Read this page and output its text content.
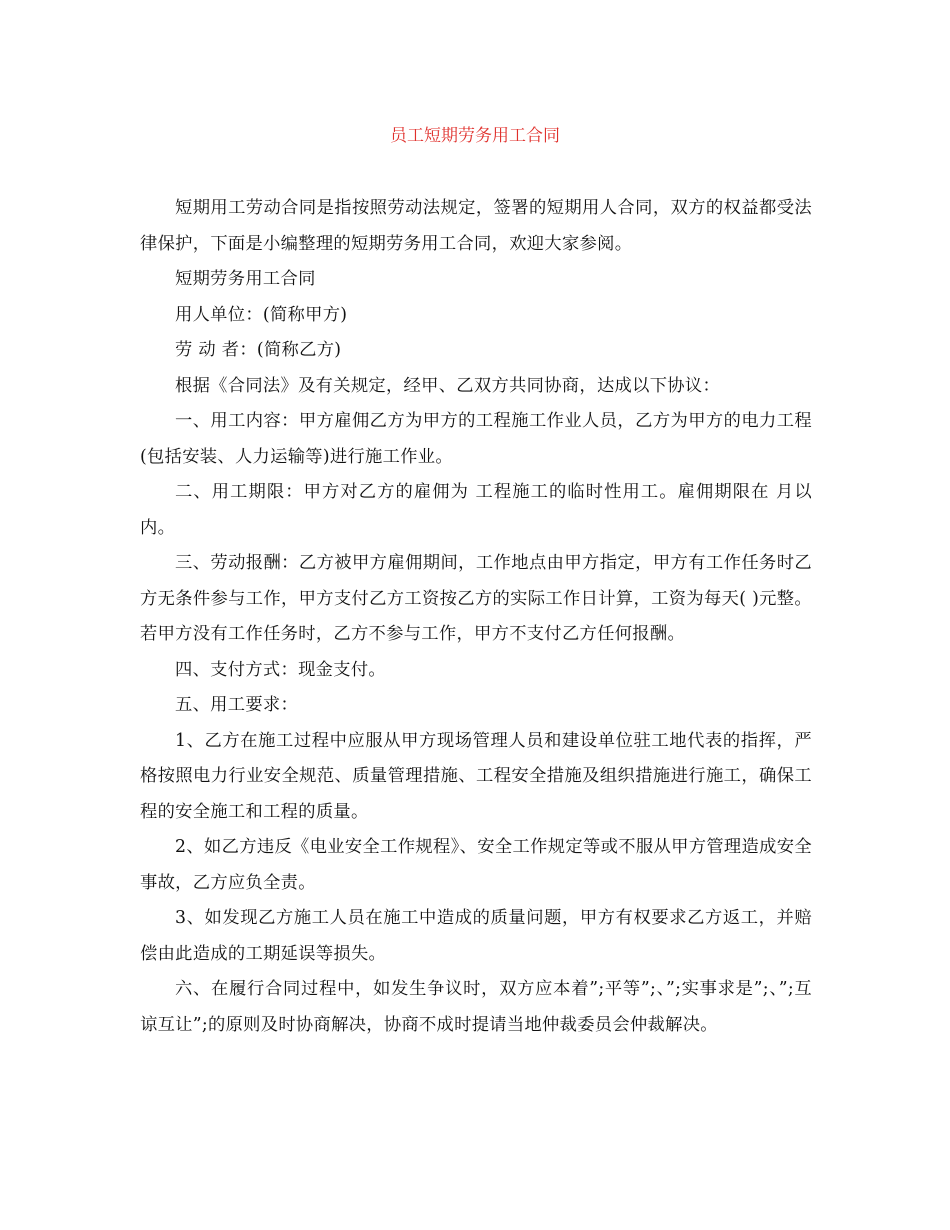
员工短期劳务用工合同

短期用工劳动合同是指按照劳动法规定，签署的短期用人合同，双方的权益都受法律保护，下面是小编整理的短期劳务用工合同，欢迎大家参阅。

短期劳务用工合同

用人单位：(简称甲方)

劳 动 者：(简称乙方)

根据《合同法》及有关规定，经甲、乙双方共同协商，达成以下协议：

一、用工内容：甲方雇佣乙方为甲方的工程施工作业人员，乙方为甲方的电力工程(包括安装、人力运输等)进行施工作业。

二、用工期限：甲方对乙方的雇佣为 工程施工的临时性用工。雇佣期限在 月以内。

三、劳动报酬：乙方被甲方雇佣期间，工作地点由甲方指定，甲方有工作任务时乙方无条件参与工作，甲方支付乙方工资按乙方的实际工作日计算，工资为每天( )元整。若甲方没有工作任务时，乙方不参与工作，甲方不支付乙方任何报酬。

四、支付方式：现金支付。

五、用工要求：

1、乙方在施工过程中应服从甲方现场管理人员和建设单位驻工地代表的指挥，严格按照电力行业安全规范、质量管理措施、工程安全措施及组织措施进行施工，确保工程的安全施工和工程的质量。

2、如乙方违反《电业安全工作规程》、安全工作规定等或不服从甲方管理造成安全事故，乙方应负全责。

3、如发现乙方施工人员在施工中造成的质量问题，甲方有权要求乙方返工，并赔偿由此造成的工期延误等损失。

六、在履行合同过程中，如发生争议时，双方应本着”;平等”;、”;实事求是”;、”;互谅互让”;的原则及时协商解决，协商不成时提请当地仲裁委员会仲裁解决。
